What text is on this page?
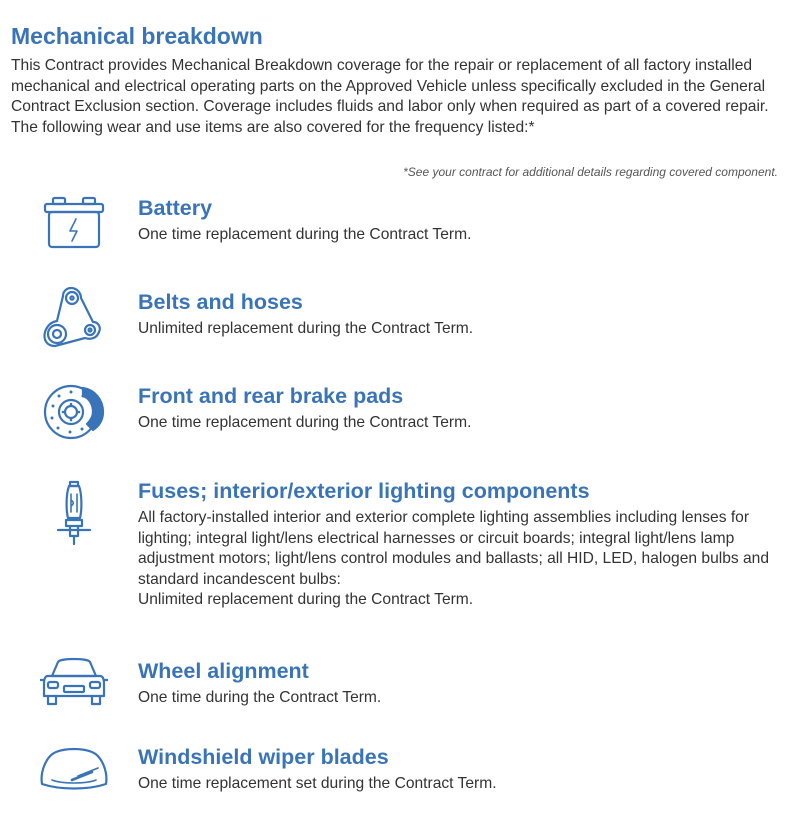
Mechanical breakdown

This Contract provides Mechanical Breakdown coverage for the repair or replacement of all factory installed mechanical and electrical operating parts on the Approved Vehicle unless specifically excluded in the General Contract Exclusion section. Coverage includes fluids and labor only when required as part of a covered repair. The following wear and use items are also covered for the frequency listed:*

*See your contract for additional details regarding covered component.
Battery
One time replacement during the Contract Term.
Belts and hoses
Unlimited replacement during the Contract Term.
Front and rear brake pads
One time replacement during the Contract Term.
Fuses; interior/exterior lighting components
All factory-installed interior and exterior complete lighting assemblies including lenses for lighting; integral light/lens electrical harnesses or circuit boards; integral light/lens lamp adjustment motors; light/lens control modules and ballasts; all HID, LED, halogen bulbs and standard incandescent bulbs:
Unlimited replacement during the Contract Term.
Wheel alignment
One time during the Contract Term.
Windshield wiper blades
One time replacement set during the Contract Term.
